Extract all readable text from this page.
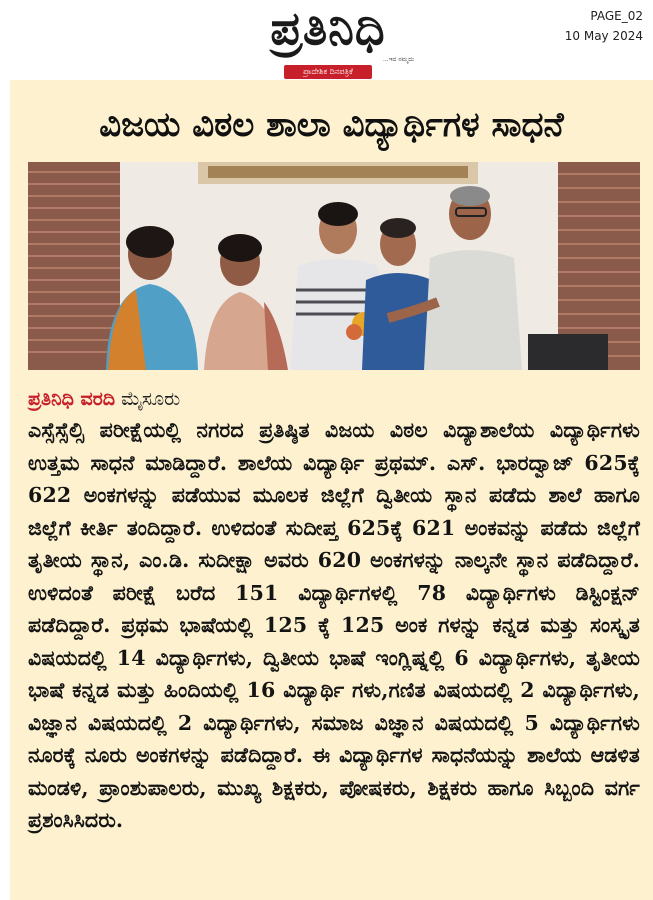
ಪ್ರತಿನಿಧಿ
...ಇದ ನಮ್ಮದು
ಪ್ರಾದೇಶಿಕ ದಿನಪತ್ರಿಕೆ
PAGE_02
10 May 2024
ವಿಜಯ ವಿಠಲ ಶಾಲಾ ವಿದ್ಯಾರ್ಥಿಗಳ ಸಾಧನೆ
ಪ್ರತಿನಿಧಿ ವರದಿ ಮೈಸೂರು

ಎಸ್ಸೆಸ್ಸೆಲ್ಸಿ ಪರೀಕ್ಷೆಯಲ್ಲಿ ನಗರದ ಪ್ರತಿಷ್ಠಿತ ವಿಜಯ ವಿಠಲ ವಿದ್ಯಾಶಾಲೆಯ ವಿದ್ಯಾರ್ಥಿಗಳು ಉತ್ತಮ ಸಾಧನೆ ಮಾಡಿದ್ದಾರೆ. ಶಾಲೆಯ ವಿದ್ಯಾರ್ಥಿ ಪ್ರಥಮ್. ಎಸ್. ಭಾರದ್ವಾಜ್ 625ಕ್ಕೆ 622 ಅಂಕಗಳನ್ನು ಪಡೆಯುವ ಮೂಲಕ ಜಿಲ್ಲೆಗೆ ದ್ವಿತೀಯ ಸ್ಥಾನ ಪಡೆದು ಶಾಲೆ ಹಾಗೂ ಜಿಲ್ಲೆಗೆ ಕೀರ್ತಿ ತಂದಿದ್ದಾರೆ. ಉಳಿದಂತೆ ಸುದೀಪ್ತ 625ಕ್ಕೆ 621 ಅಂಕವನ್ನು ಪಡೆದು ಜಿಲ್ಲೆಗೆ ತೃತೀಯ ಸ್ಥಾನ, ಎಂ.ಡಿ. ಸುದೀಕ್ಷಾ ಅವರು 620 ಅಂಕಗಳನ್ನು ನಾಲ್ಕನೇ ಸ್ಥಾನ ಪಡೆದಿದ್ದಾರೆ. ಉಳಿದಂತೆ ಪರೀಕ್ಷೆ ಬರೆದ 151 ವಿದ್ಯಾರ್ಥಿಗಳಲ್ಲಿ 78 ವಿದ್ಯಾರ್ಥಿಗಳು ಡಿಸ್ಟಿಂಕ್ಷನ್ ಪಡೆದಿದ್ದಾರೆ. ಪ್ರಥಮ ಭಾಷೆಯಲ್ಲಿ 125 ಕ್ಕೆ 125 ಅಂಕ ಗಳನ್ನು ಕನ್ನಡ ಮತ್ತು ಸಂಸ್ಕೃತ ವಿಷಯದಲ್ಲಿ 14 ವಿದ್ಯಾರ್ಥಿಗಳು, ದ್ವಿತೀಯ ಭಾಷೆ ಇಂಗ್ಲಿಷ್ನಲ್ಲಿ 6 ವಿದ್ಯಾರ್ಥಿಗಳು, ತೃತೀಯ ಭಾಷೆ ಕನ್ನಡ ಮತ್ತು ಹಿಂದಿಯಲ್ಲಿ 16 ವಿದ್ಯಾರ್ಥಿ ಗಳು,ಗಣಿತ ವಿಷಯದಲ್ಲಿ 2 ವಿದ್ಯಾರ್ಥಿಗಳು, ವಿಜ್ಞಾನ ವಿಷಯದಲ್ಲಿ 2 ವಿದ್ಯಾರ್ಥಿಗಳು, ಸಮಾಜ ವಿಜ್ಞಾನ ವಿಷಯದಲ್ಲಿ 5 ವಿದ್ಯಾರ್ಥಿಗಳು ನೂರಕ್ಕೆ ನೂರು ಅಂಕಗಳನ್ನು ಪಡೆದಿದ್ದಾರೆ. ಈ ವಿದ್ಯಾರ್ಥಿಗಳ ಸಾಧನೆಯನ್ನು ಶಾಲೆಯ ಆಡಳಿತ ಮಂಡಳಿ, ಪ್ರಾಂಶುಪಾಲರು, ಮುಖ್ಯ ಶಿಕ್ಷಕರು, ಪೋಷಕರು, ಶಿಕ್ಷಕರು ಹಾಗೂ ಸಿಬ್ಬಂದಿ ವರ್ಗ ಪ್ರಶಂಸಿಸಿದರು.
